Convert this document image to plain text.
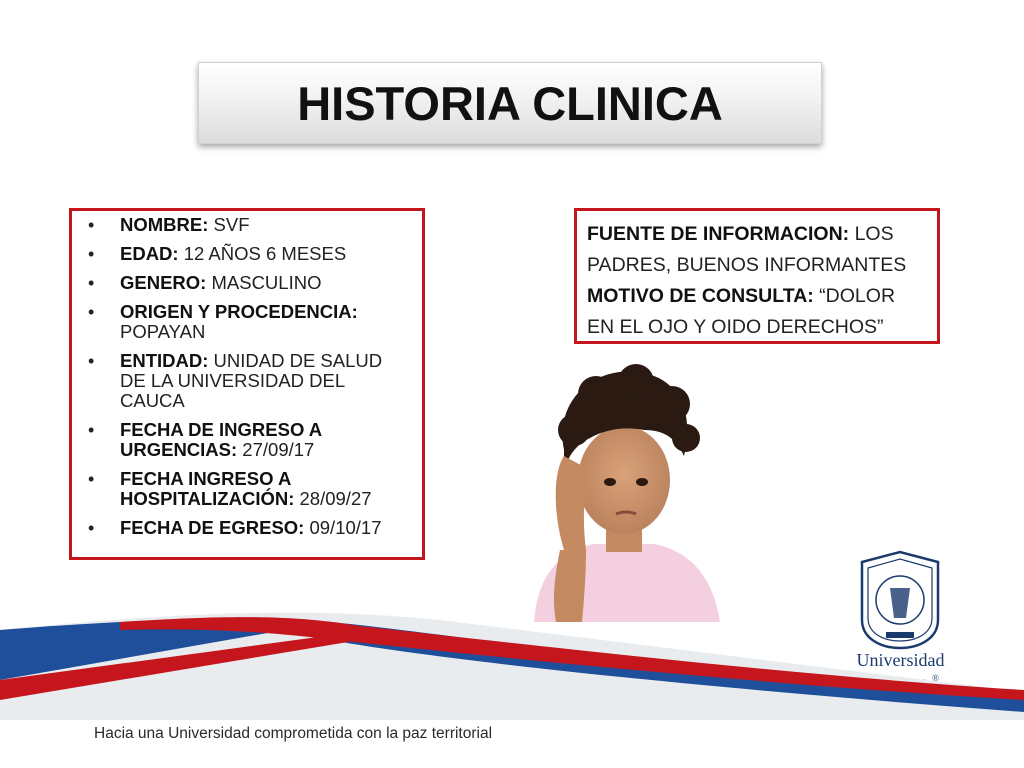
HISTORIA CLINICA
• NOMBRE: SVF
• EDAD: 12 AÑOS 6 MESES
• GENERO: MASCULINO
• ORIGEN Y PROCEDENCIA: POPAYAN
• ENTIDAD: UNIDAD DE SALUD DE LA UNIVERSIDAD DEL CAUCA
• FECHA DE INGRESO A URGENCIAS: 27/09/17
• FECHA INGRESO A HOSPITALIZACIÓN: 28/09/27
• FECHA DE EGRESO: 09/10/17
FUENTE DE INFORMACION: LOS PADRES, BUENOS INFORMANTES
MOTIVO DE CONSULTA: “DOLOR EN EL OJO Y OIDO DERECHOS”
Universidad
®
Hacia una Universidad comprometida con la paz territorial
